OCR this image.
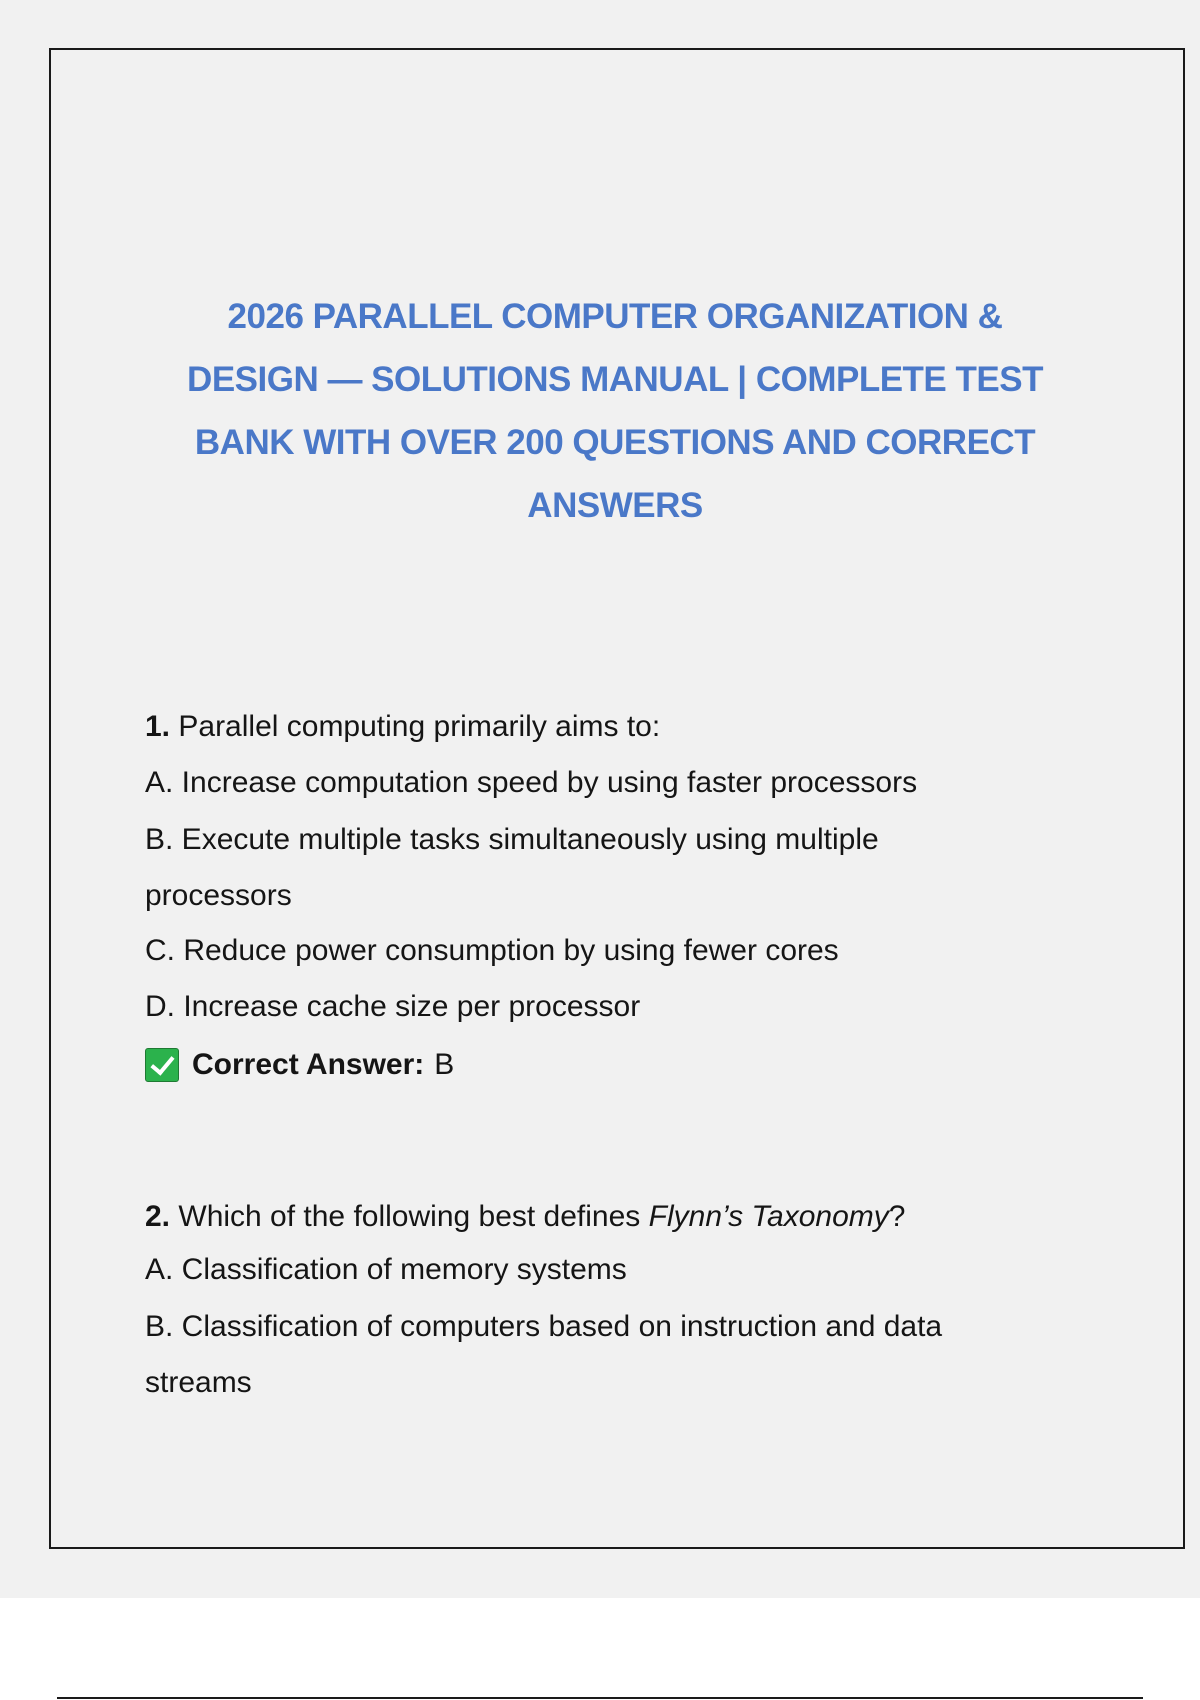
2026 PARALLEL COMPUTER ORGANIZATION &
DESIGN — SOLUTIONS MANUAL | COMPLETE TEST
BANK WITH OVER 200 QUESTIONS AND CORRECT
ANSWERS
1. Parallel computing primarily aims to:
A. Increase computation speed by using faster processors
B. Execute multiple tasks simultaneously using multiple
processors
C. Reduce power consumption by using fewer cores
D. Increase cache size per processor
Correct Answer: B
2. Which of the following best defines Flynn’s Taxonomy?
A. Classification of memory systems
B. Classification of computers based on instruction and data
streams
